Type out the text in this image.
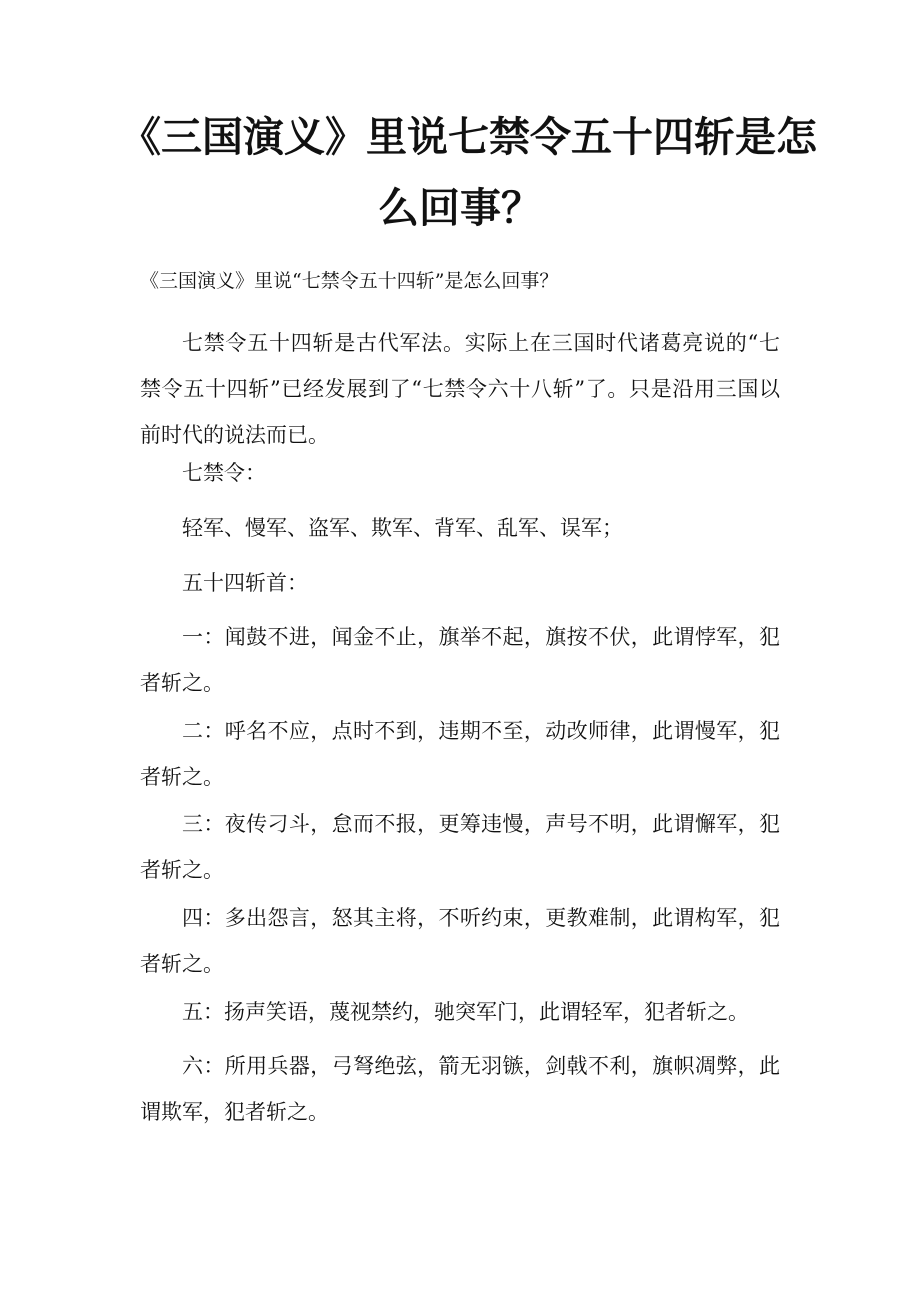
《三国演义》里说七禁令五十四斩是怎
么回事？
《三国演义》里说“七禁令五十四斩”是怎么回事？
七禁令五十四斩是古代军法。实际上在三国时代诸葛亮说的“七禁令五十四斩”已经发展到了“七禁令六十八斩”了。只是沿用三国以前时代的说法而已。
七禁令：
轻军、慢军、盗军、欺军、背军、乱军、误军；
五十四斩首：
一：闻鼓不进，闻金不止，旗举不起，旗按不伏，此谓悖军，犯者斩之。
二：呼名不应，点时不到，违期不至，动改师律，此谓慢军，犯者斩之。
三：夜传刁斗，怠而不报，更筹违慢，声号不明，此谓懈军，犯者斩之。
四：多出怨言，怒其主将，不听约束，更教难制，此谓构军，犯者斩之。
五：扬声笑语，蔑视禁约，驰突军门，此谓轻军，犯者斩之。
六：所用兵器，弓弩绝弦，箭无羽镞，剑戟不利，旗帜凋弊，此谓欺军，犯者斩之。
